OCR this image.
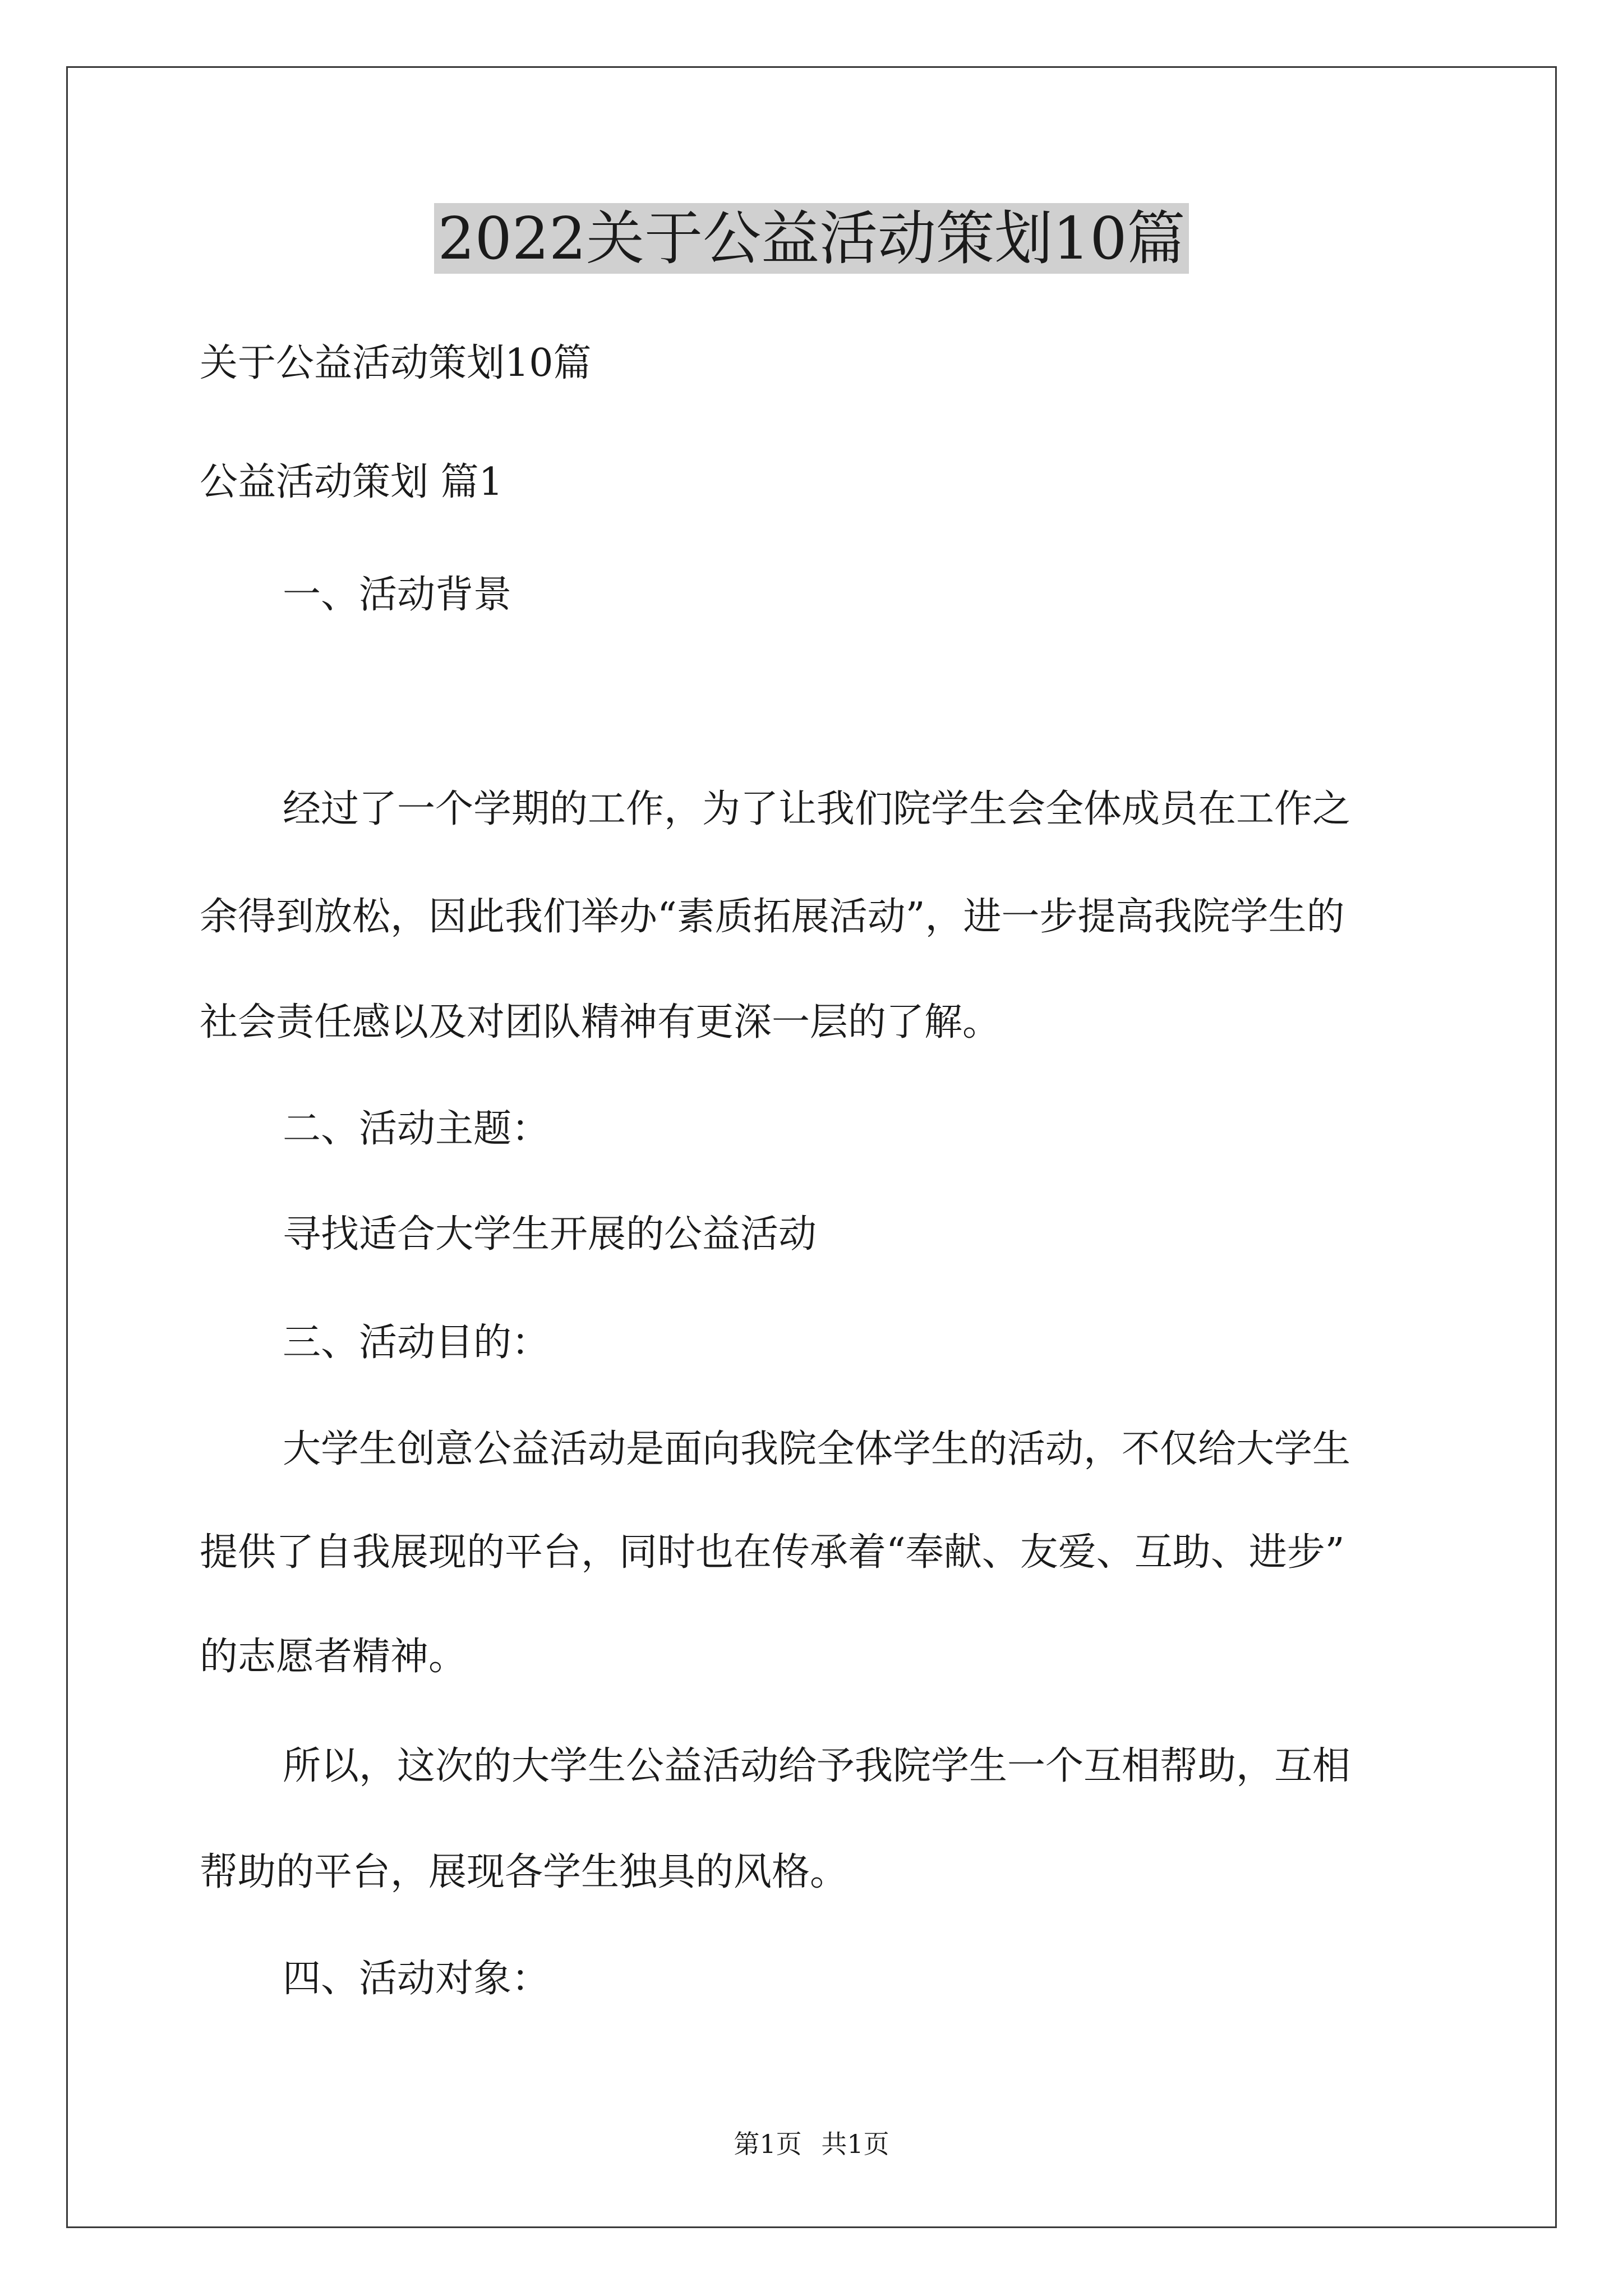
2022关于公益活动策划10篇

关于公益活动策划10篇

公益活动策划 篇1

一、活动背景

经过了一个学期的工作，为了让我们院学生会全体成员在工作之

余得到放松，因此我们举办“素质拓展活动”，进一步提高我院学生的

社会责任感以及对团队精神有更深一层的了解。

二、活动主题：

寻找适合大学生开展的公益活动

三、活动目的：

大学生创意公益活动是面向我院全体学生的活动，不仅给大学生

提供了自我展现的平台，同时也在传承着“奉献、友爱、互助、进步”

的志愿者精神。

所以，这次的大学生公益活动给予我院学生一个互相帮助，互相

帮助的平台，展现各学生独具的风格。

四、活动对象：

第1页 共1页
